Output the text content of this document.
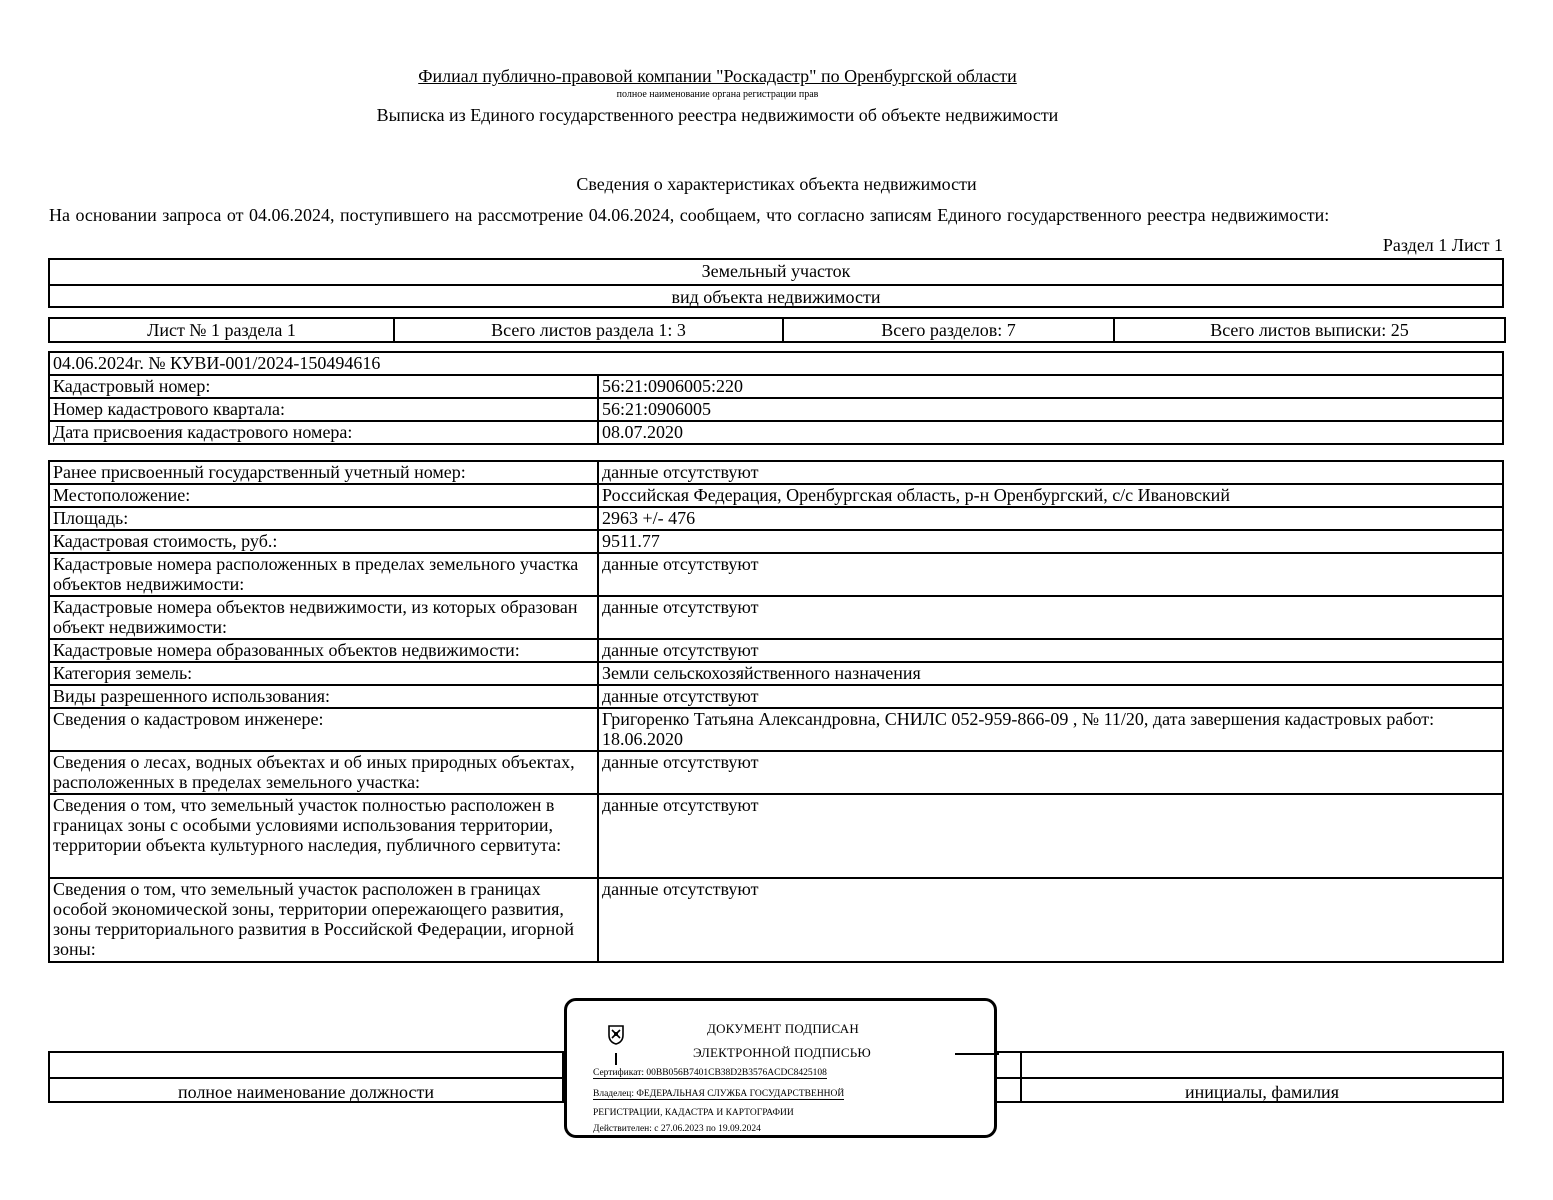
Филиал публично-правовой компании "Роскадастр" по Оренбургской области
полное наименование органа регистрации прав
Выписка из Единого государственного реестра недвижимости об объекте недвижимости
Сведения о характеристиках объекта недвижимости
На основании запроса от 04.06.2024, поступившего на рассмотрение 04.06.2024, сообщаем, что согласно записям Единого государственного реестра недвижимости:
Раздел 1 Лист 1
Земельный участок
вид объекта недвижимости
Лист № 1 раздела 1	Всего листов раздела 1: 3	Всего разделов: 7	Всего листов выписки: 25
04.06.2024г. № КУВИ-001/2024-150494616	
Кадастровый номер:	56:21:0906005:220
Номер кадастрового квартала:	56:21:0906005
Дата присвоения кадастрового номера:	08.07.2020
Ранее присвоенный государственный учетный номер:	данные отсутствуют
Местоположение:	Российская Федерация, Оренбургская область, р-н Оренбургский, с/с Ивановский
Площадь:	2963 +/- 476
Кадастровая стоимость, руб.:	9511.77
Кадастровые номера расположенных в пределах земельного участка объектов недвижимости:	данные отсутствуют
Кадастровые номера объектов недвижимости, из которых образован объект недвижимости:	данные отсутствуют
Кадастровые номера образованных объектов недвижимости:	данные отсутствуют
Категория земель:	Земли сельскохозяйственного назначения
Виды разрешенного использования:	данные отсутствуют
Сведения о кадастровом инженере:	Григоренко Татьяна Александровна, СНИЛС 052-959-866-09 , № 11/20, дата завершения кадастровых работ: 18.06.2020
Сведения о лесах, водных объектах и об иных природных объектах, расположенных в пределах земельного участка:	данные отсутствуют
Сведения о том, что земельный участок полностью расположен в границах зоны с особыми условиями использования территории, территории объекта культурного наследия, публичного сервитута:	данные отсутствуют
Сведения о том, что земельный участок расположен в границах особой экономической зоны, территории опережающего развития, зоны территориального развития в Российской Федерации, игорной зоны:	данные отсутствуют
полное наименование должности	инициалы, фамилия
ДОКУМЕНТ ПОДПИСАН
ЭЛЕКТРОННОЙ ПОДПИСЬЮ
Сертификат: 00BB056B7401CB38D2B3576ACDC8425108
Владелец: ФЕДЕРАЛЬНАЯ СЛУЖБА ГОСУДАРСТВЕННОЙ
РЕГИСТРАЦИИ, КАДАСТРА И КАРТОГРАФИИ
Действителен: с 27.06.2023 по 19.09.2024
